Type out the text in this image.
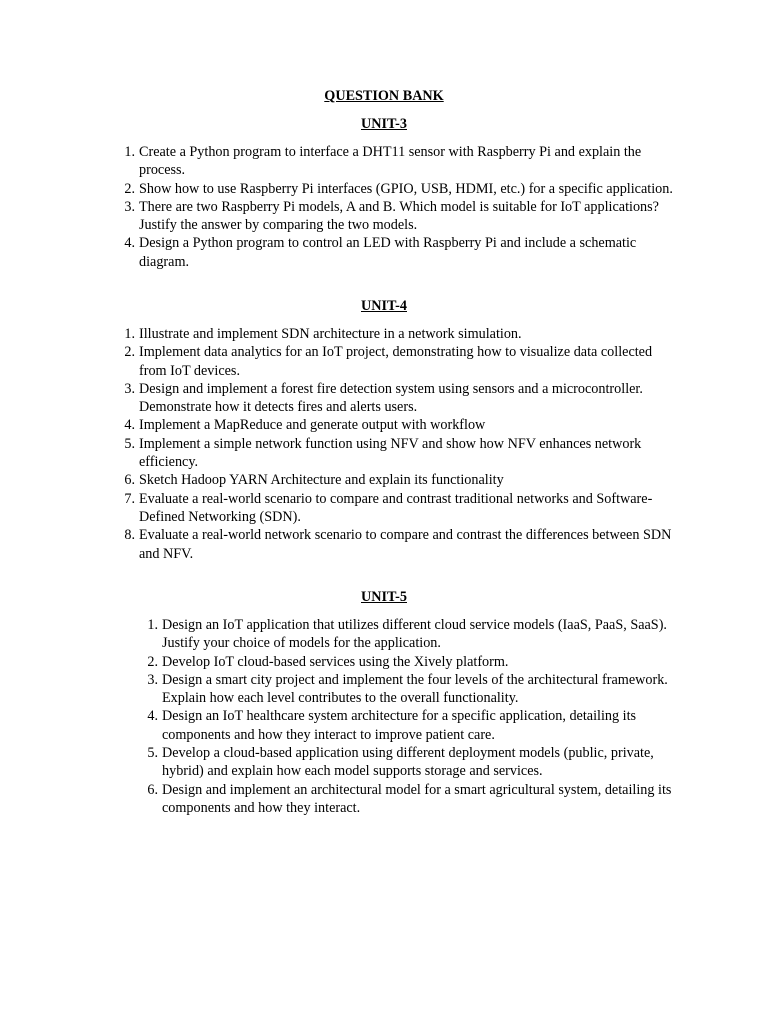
QUESTION BANK
UNIT-3
1. Create a Python program to interface a DHT11 sensor with Raspberry Pi and explain the process.
2. Show how to use Raspberry Pi interfaces (GPIO, USB, HDMI, etc.) for a specific application.
3. There are two Raspberry Pi models, A and B. Which model is suitable for IoT applications? Justify the answer by comparing the two models.
4. Design a Python program to control an LED with Raspberry Pi and include a schematic diagram.
UNIT-4
1. Illustrate and implement SDN architecture in a network simulation.
2. Implement data analytics for an IoT project, demonstrating how to visualize data collected from IoT devices.
3. Design and implement a forest fire detection system using sensors and a microcontroller. Demonstrate how it detects fires and alerts users.
4. Implement a MapReduce and generate output with workflow
5. Implement a simple network function using NFV and show how NFV enhances network efficiency.
6. Sketch Hadoop YARN Architecture and explain its functionality
7. Evaluate a real-world scenario to compare and contrast traditional networks and Software-Defined Networking (SDN).
8. Evaluate a real-world network scenario to compare and contrast the differences between SDN and NFV.
UNIT-5
1. Design an IoT application that utilizes different cloud service models (IaaS, PaaS, SaaS). Justify your choice of models for the application.
2. Develop IoT cloud-based services using the Xively platform.
3. Design a smart city project and implement the four levels of the architectural framework. Explain how each level contributes to the overall functionality.
4. Design an IoT healthcare system architecture for a specific application, detailing its components and how they interact to improve patient care.
5. Develop a cloud-based application using different deployment models (public, private, hybrid) and explain how each model supports storage and services.
6. Design and implement an architectural model for a smart agricultural system, detailing its components and how they interact.
